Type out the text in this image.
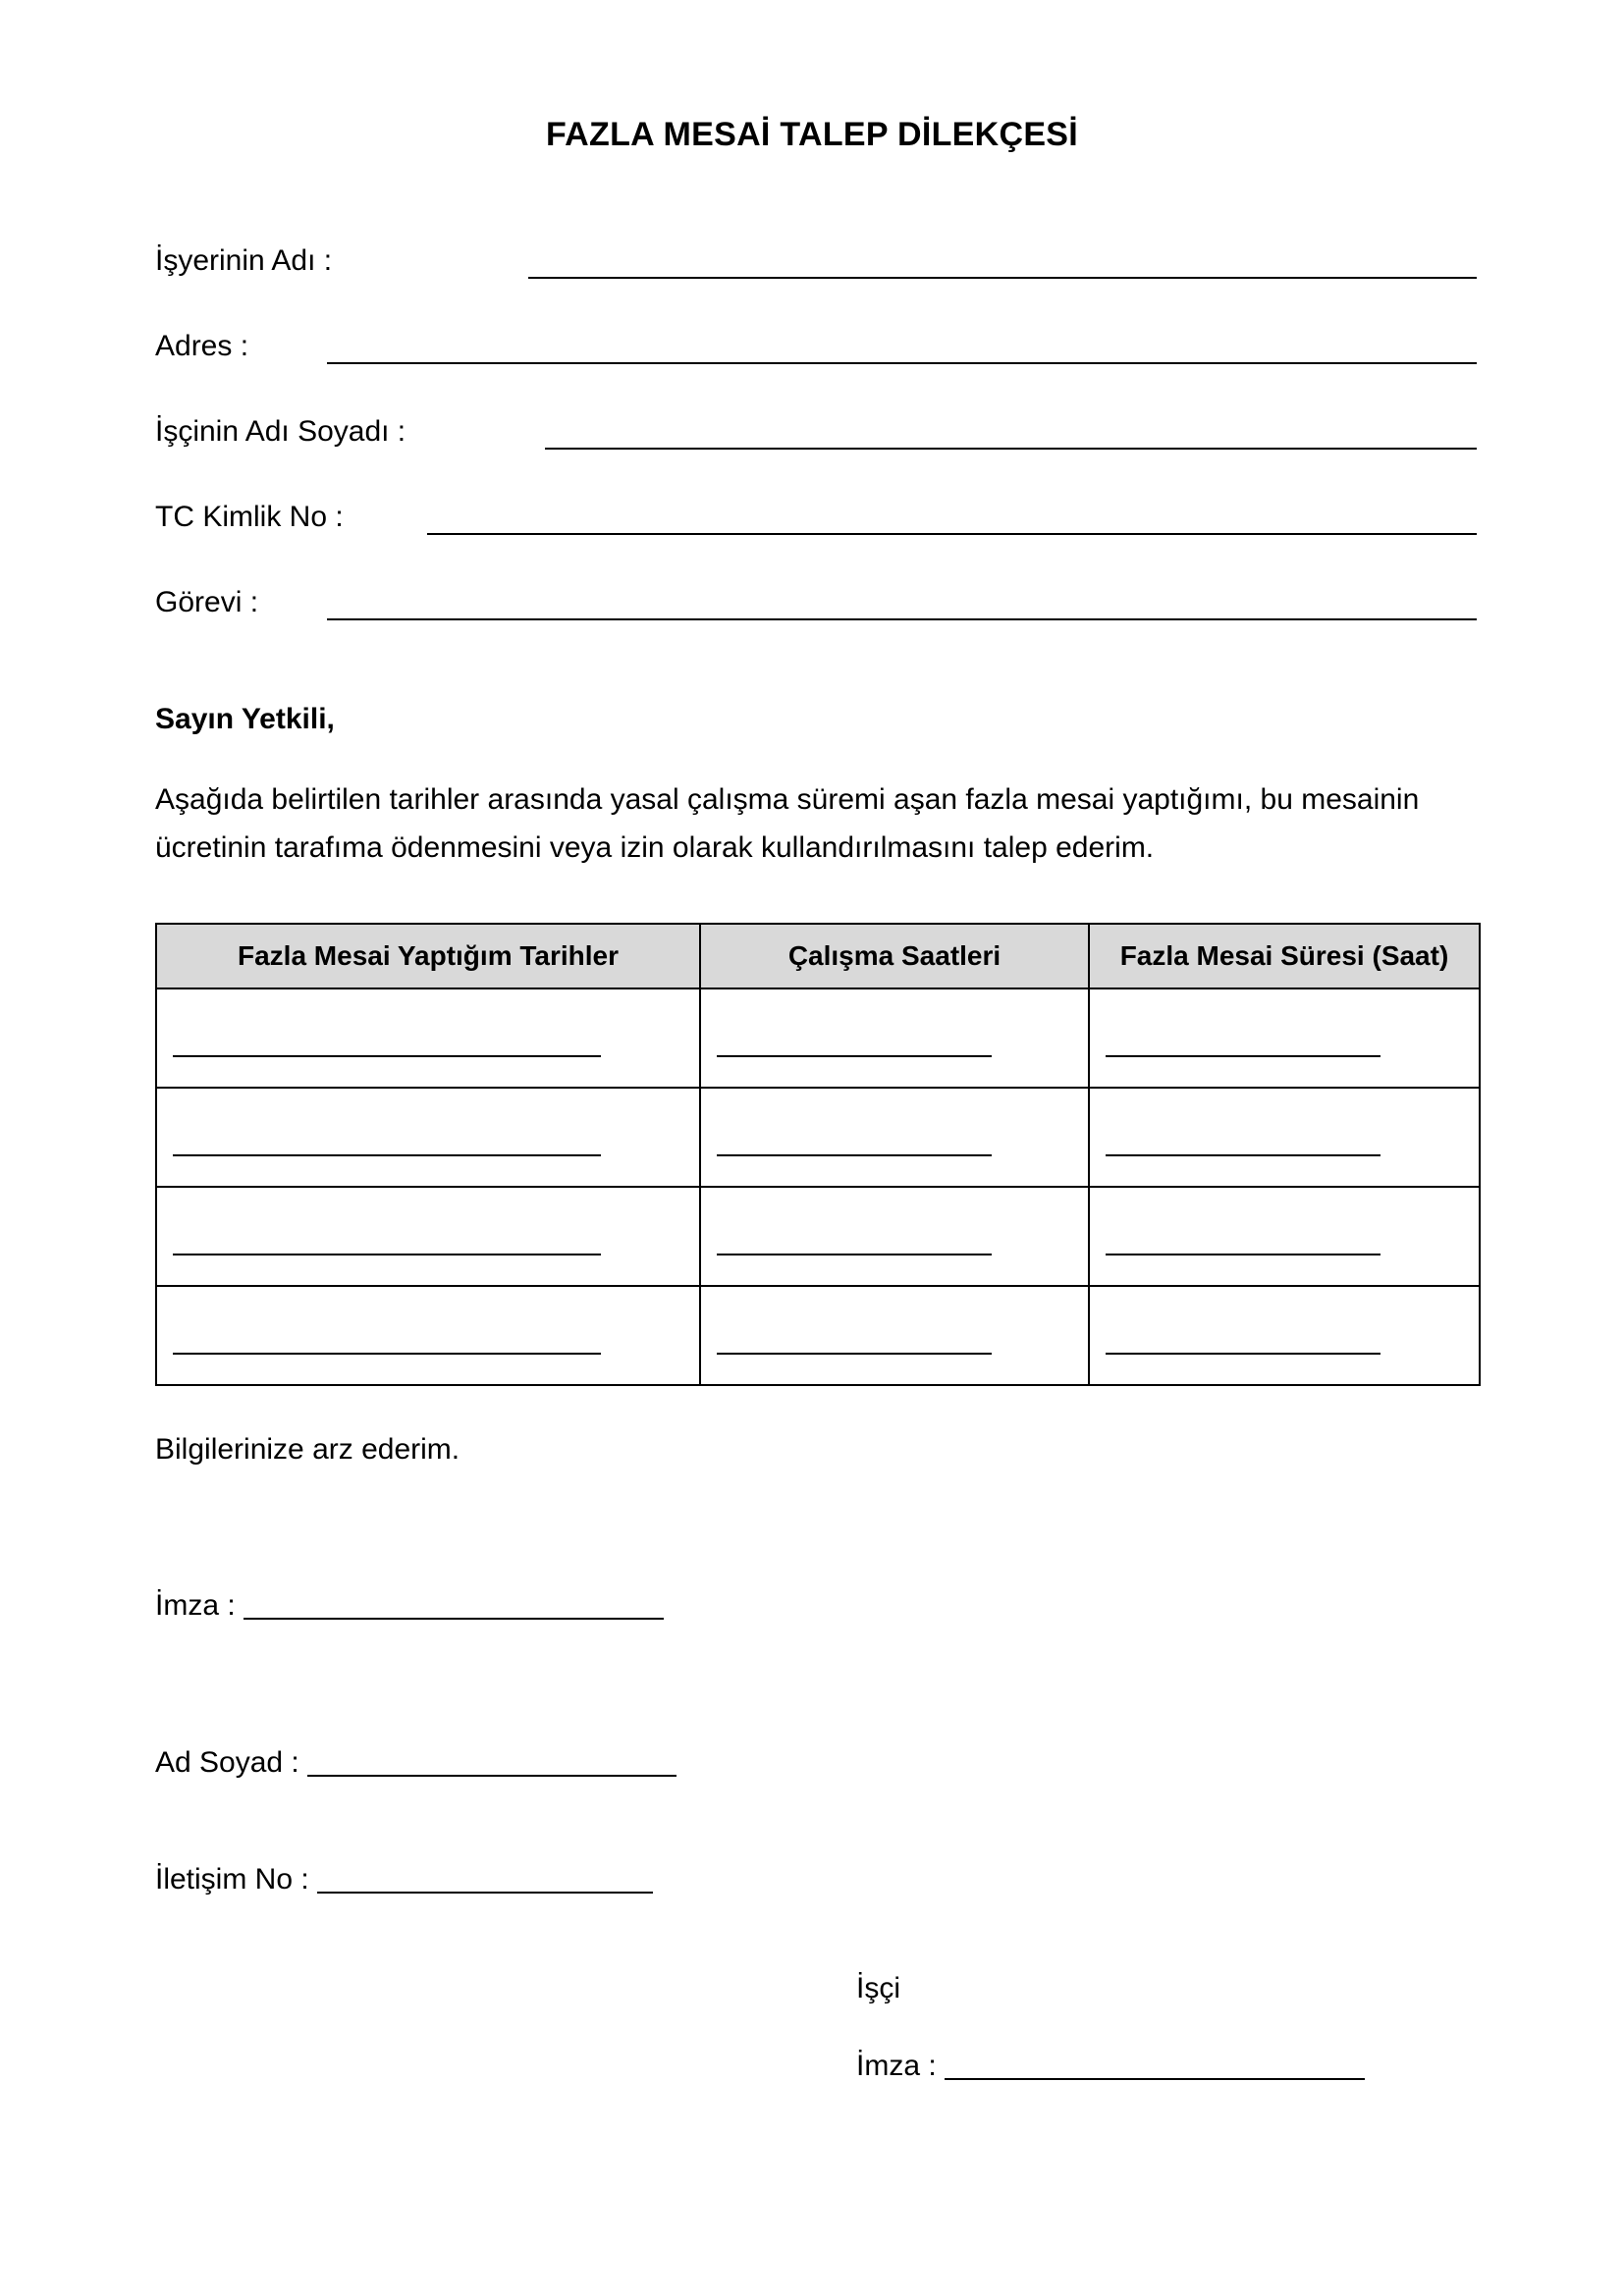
FAZLA MESAİ TALEP DİLEKÇESİ
İşyerinin Adı :
Adres :
İşçinin Adı Soyadı :
TC Kimlik No :
Görevi :
Sayın Yetkili,
Aşağıda belirtilen tarihler arasında yasal çalışma süremi aşan fazla mesai yaptığımı, bu mesainin ücretinin tarafıma ödenmesini veya izin olarak kullandırılmasını talep ederim.
Fazla Mesai Yaptığım Tarihler	Çalışma Saatleri	Fazla Mesai Süresi (Saat)

Bilgilerinize arz ederim.
İmza :
Ad Soyad :
İletişim No :
İşçi
İmza :
